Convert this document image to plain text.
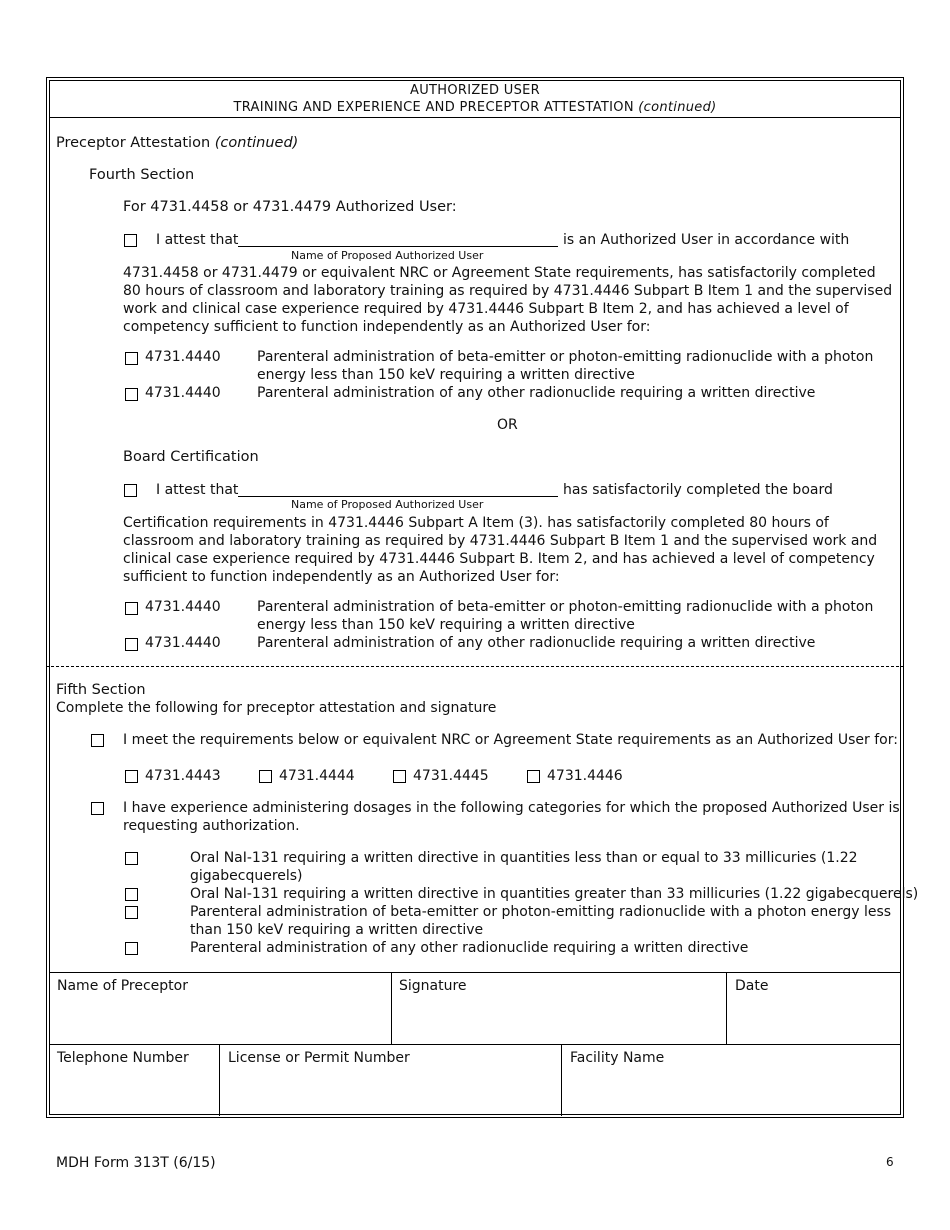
AUTHORIZED USER
TRAINING AND EXPERIENCE AND PRECEPTOR ATTESTATION (continued)
Preceptor Attestation (continued)
Fourth Section
For 4731.4458 or 4731.4479 Authorized User:
I attest that
Name of Proposed Authorized User
is an Authorized User in accordance with
4731.4458 or 4731.4479 or equivalent NRC or Agreement State requirements, has satisfactorily completed 80 hours of classroom and laboratory training as required by 4731.4446 Subpart B Item 1 and the supervised work and clinical case experience required by 4731.4446 Subpart B Item 2, and has achieved a level of competency sufficient to function independently as an Authorized User for:
4731.4440	Parenteral administration of beta-emitter or photon-emitting radionuclide with a photon
energy less than 150 keV requiring a written directive
4731.4440	Parenteral administration of any other radionuclide requiring a written directive
OR
Board Certification
I attest that
Name of Proposed Authorized User
has satisfactorily completed the board
Certification requirements in 4731.4446 Subpart A Item (3). has satisfactorily completed 80 hours of classroom and laboratory training as required by 4731.4446 Subpart B Item 1 and the supervised work and clinical case experience required by 4731.4446 Subpart B. Item 2, and has achieved a level of competency sufficient to function independently as an Authorized User for:
4731.4440	Parenteral administration of beta-emitter or photon-emitting radionuclide with a photon
energy less than 150 keV requiring a written directive
4731.4440	Parenteral administration of any other radionuclide requiring a written directive
Fifth Section
Complete the following for preceptor attestation and signature
I meet the requirements below or equivalent NRC or Agreement State requirements as an Authorized User for:
4731.4443	4731.4444	4731.4445	4731.4446
I have experience administering dosages in the following categories for which the proposed Authorized User is
requesting authorization.
Oral NaI-131 requiring a written directive in quantities less than or equal to 33 millicuries (1.22
gigabecquerels)
Oral NaI-131 requiring a written directive in quantities greater than 33 millicuries (1.22 gigabecquerels)
Parenteral administration of beta-emitter or photon-emitting radionuclide with a photon energy less
than 150 keV requiring a written directive
Parenteral administration of any other radionuclide requiring a written directive
Name of Preceptor	Signature	Date
Telephone Number	License or Permit Number	Facility Name
MDH Form 313T (6/15)	6
